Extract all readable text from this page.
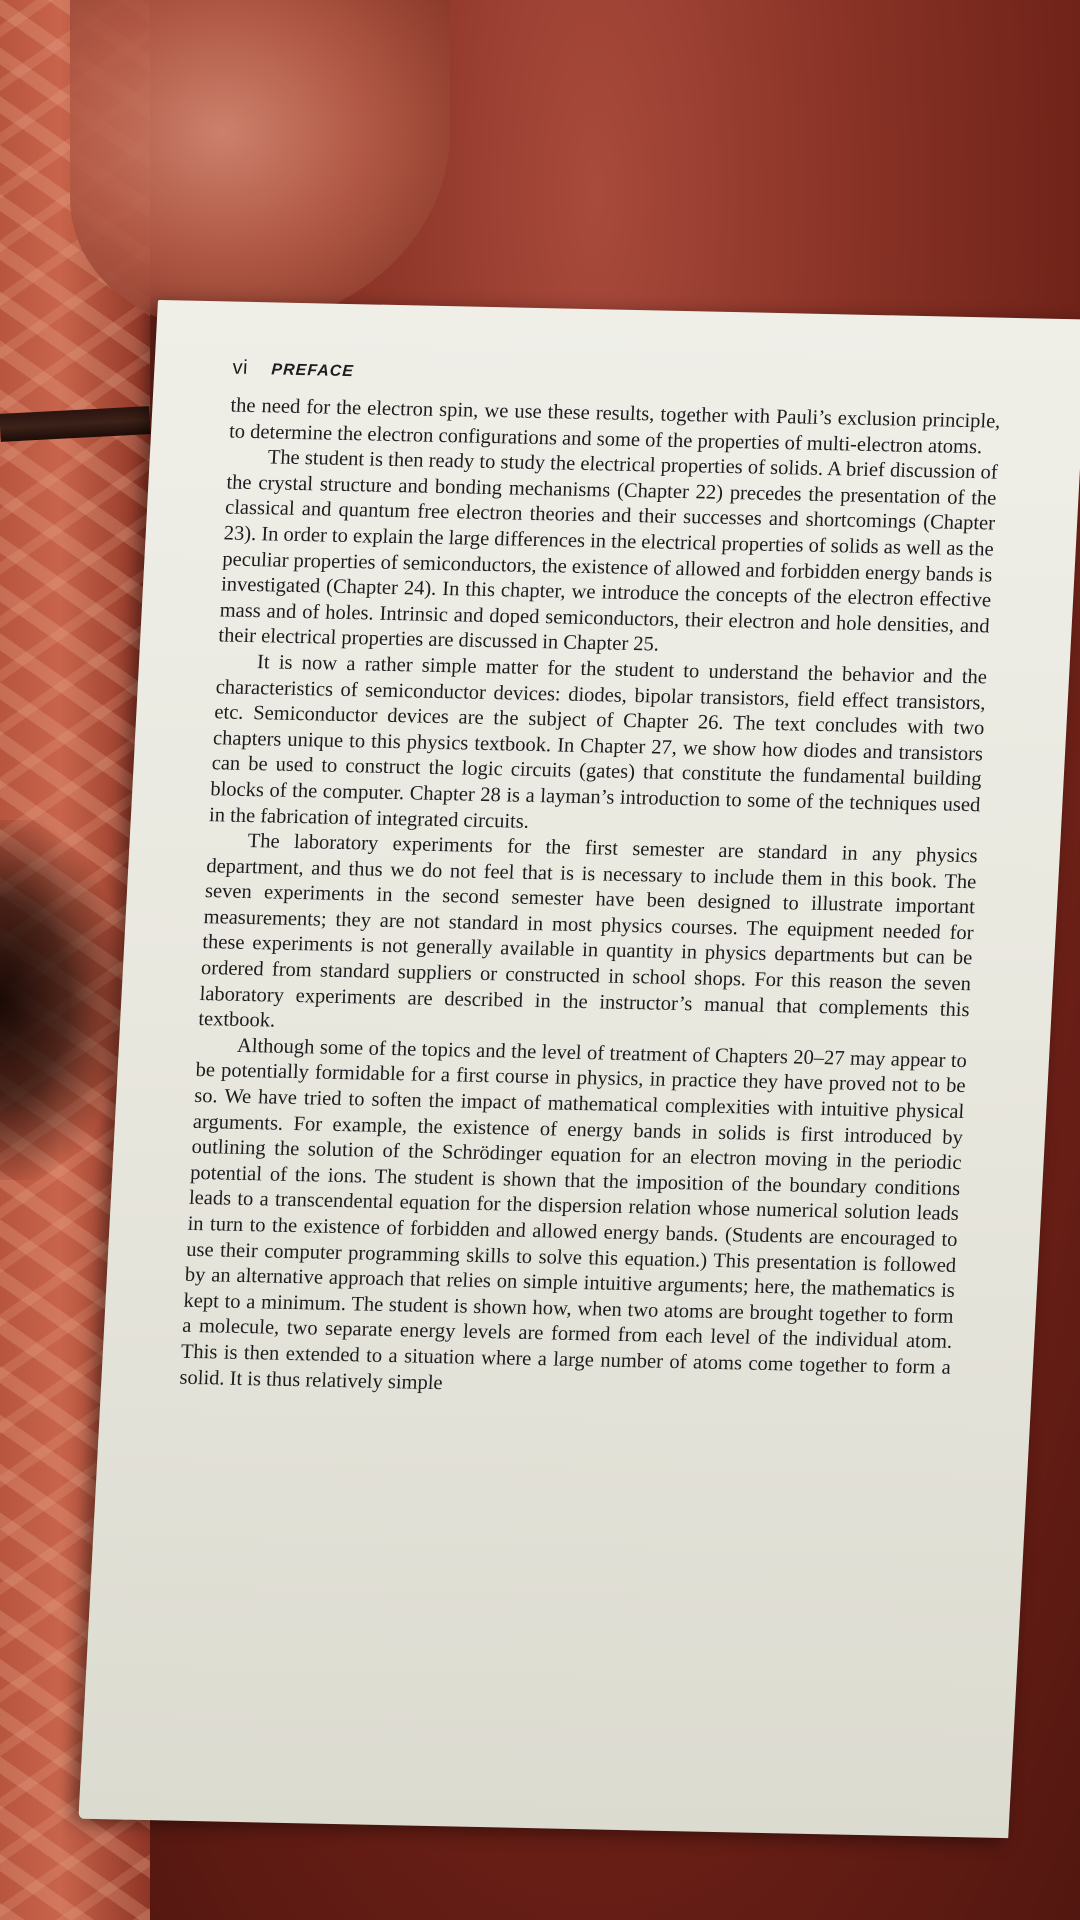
vi PREFACE

the need for the electron spin, we use these results, together with Pauli’s exclusion principle, to determine the electron configurations and some of the properties of multi-electron atoms.

The student is then ready to study the electrical properties of solids. A brief discussion of the crystal structure and bonding mechanisms (Chapter 22) precedes the presentation of the classical and quantum free electron theories and their successes and shortcomings (Chapter 23). In order to explain the large differences in the electrical properties of solids as well as the peculiar properties of semiconductors, the existence of allowed and forbidden energy bands is investigated (Chapter 24). In this chapter, we introduce the concepts of the electron effective mass and of holes. Intrinsic and doped semiconductors, their electron and hole densities, and their electrical properties are discussed in Chapter 25.

It is now a rather simple matter for the student to understand the behavior and the characteristics of semiconductor devices: diodes, bipolar transistors, field effect transistors, etc. Semiconductor devices are the subject of Chapter 26. The text concludes with two chapters unique to this physics textbook. In Chapter 27, we show how diodes and transistors can be used to construct the logic circuits (gates) that constitute the fundamental building blocks of the computer. Chapter 28 is a layman’s introduction to some of the techniques used in the fabrication of integrated circuits.

The laboratory experiments for the first semester are standard in any physics department, and thus we do not feel that is is necessary to include them in this book. The seven experiments in the second semester have been designed to illustrate important measurements; they are not standard in most physics courses. The equipment needed for these experiments is not generally available in quantity in physics departments but can be ordered from standard suppliers or constructed in school shops. For this reason the seven laboratory experiments are described in the instructor’s manual that complements this textbook.

Although some of the topics and the level of treatment of Chapters 20–27 may appear to be potentially formidable for a first course in physics, in practice they have proved not to be so. We have tried to soften the impact of mathematical complexities with intuitive physical arguments. For example, the existence of energy bands in solids is first introduced by outlining the solution of the Schrödinger equation for an electron moving in the periodic potential of the ions. The student is shown that the imposition of the boundary conditions leads to a transcendental equation for the dispersion relation whose numerical solution leads in turn to the existence of forbidden and allowed energy bands. (Students are encouraged to use their computer programming skills to solve this equation.) This presentation is followed by an alternative approach that relies on simple intuitive arguments; here, the mathematics is kept to a minimum. The student is shown how, when two atoms are brought together to form a molecule, two separate energy levels are formed from each level of the individual atom. This is then extended to a situation where a large number of atoms come together to form a solid. It is thus relatively simple
